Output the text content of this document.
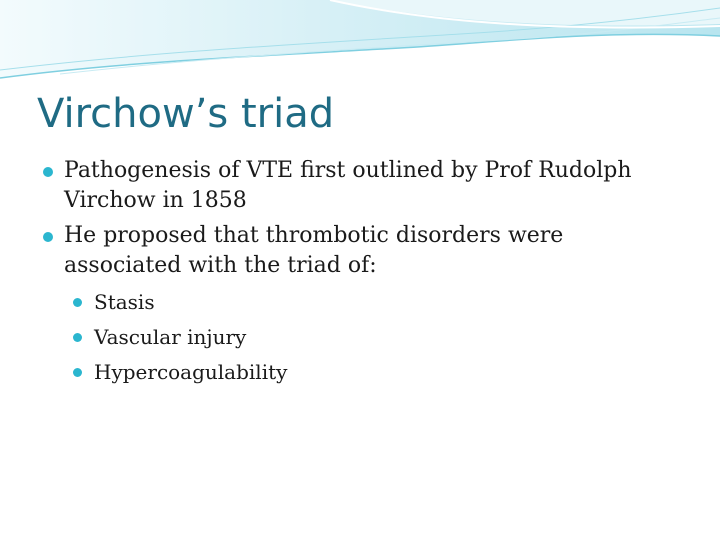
Virchow’s triad
Pathogenesis of VTE first outlined by Prof Rudolph Virchow in 1858
He proposed that thrombotic disorders were associated with the triad of:
Stasis
Vascular injury
Hypercoagulability
